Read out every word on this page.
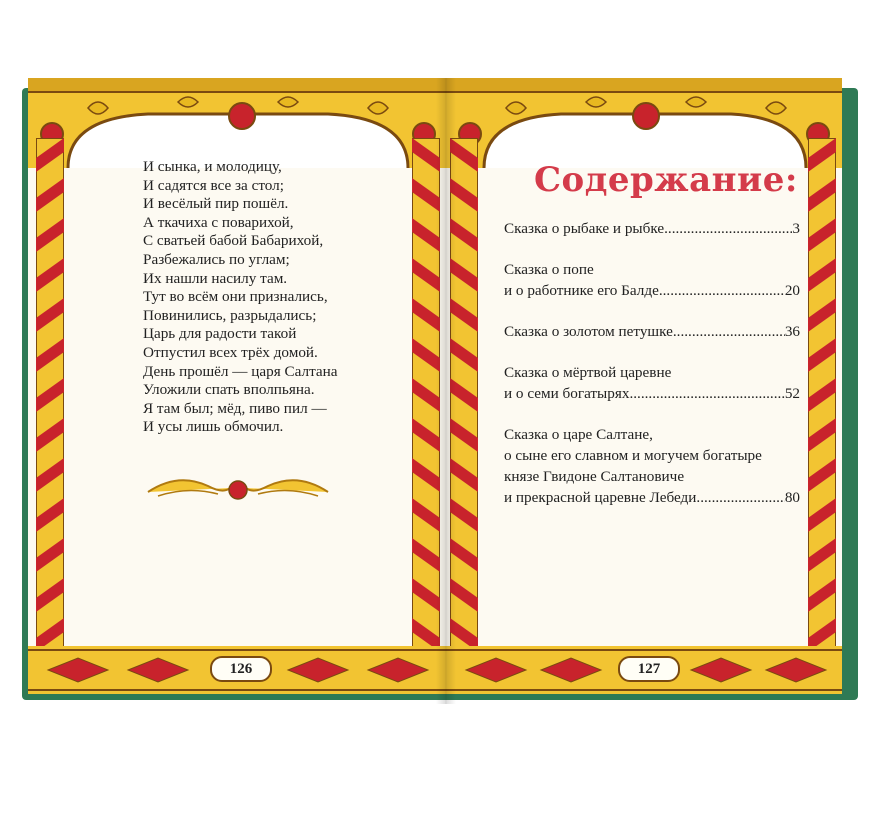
И сынка, и молодицу,
И садятся все за стол;
И весёлый пир пошёл.
А ткачиха с поварихой,
С сватьей бабой Бабарихой,
Разбежались по углам;
Их нашли насилу там.
Тут во всём они признались,
Повинились, разрыдались;
Царь для радости такой
Отпустил всех трёх домой.
День прошёл — царя Салтана
Уложили спать вполпьяна.
Я там был; мёд, пиво пил —
И усы лишь обмочил.
126
Содержание:
Сказка о рыбаке и рыбке .....	3
Сказка о попе
и о работнике его Балде .....	20
Сказка о золотом петушке .....	36
Сказка о мёртвой царевне
и о семи богатырях .....	52
Сказка о царе Салтане,
о сыне его славном и могучем богатыре
князе Гвидоне Салтановиче
и прекрасной царевне Лебеди .....	80
127
